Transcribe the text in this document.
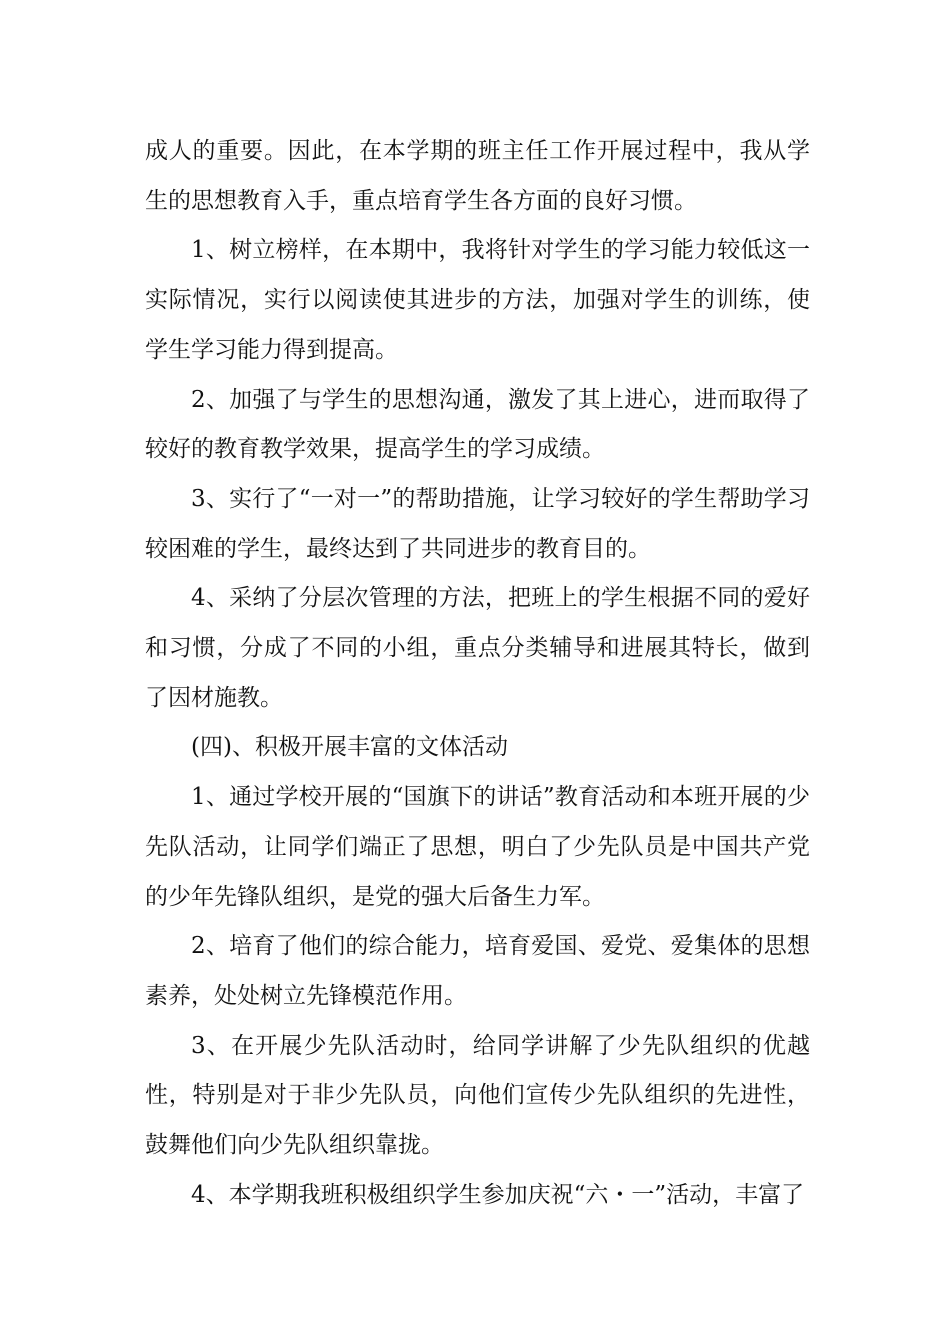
成人的重要。因此，在本学期的班主任工作开展过程中，我从学生的思想教育入手，重点培育学生各方面的良好习惯。

1、树立榜样，在本期中，我将针对学生的学习能力较低这一实际情况，实行以阅读使其进步的方法，加强对学生的训练，使学生学习能力得到提高。

2、加强了与学生的思想沟通，激发了其上进心，进而取得了较好的教育教学效果，提高学生的学习成绩。

3、实行了“一对一”的帮助措施，让学习较好的学生帮助学习较困难的学生，最终达到了共同进步的教育目的。

4、采纳了分层次管理的方法，把班上的学生根据不同的爱好和习惯，分成了不同的小组，重点分类辅导和进展其特长，做到了因材施教。

(四)、积极开展丰富的文体活动

1、通过学校开展的“国旗下的讲话”教育活动和本班开展的少先队活动，让同学们端正了思想，明白了少先队员是中国共产党的少年先锋队组织，是党的强大后备生力军。

2、培育了他们的综合能力，培育爱国、爱党、爱集体的思想素养，处处树立先锋模范作用。

3、在开展少先队活动时，给同学讲解了少先队组织的优越性，特别是对于非少先队员，向他们宣传少先队组织的先进性，鼓舞他们向少先队组织靠拢。

4、本学期我班积极组织学生参加庆祝“六・一”活动，丰富了
